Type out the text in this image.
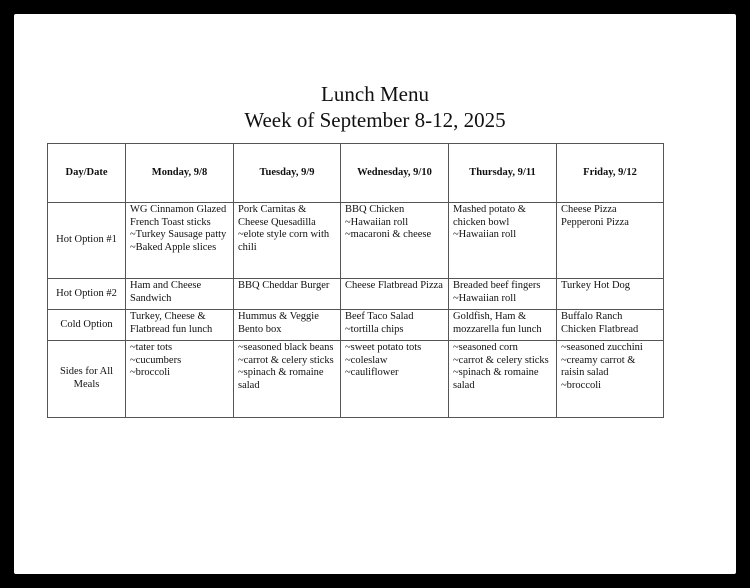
Lunch Menu
Week of September 8-12, 2025
Day/Date	Monday, 9/8	Tuesday, 9/9	Wednesday, 9/10	Thursday, 9/11	Friday, 9/12
Hot Option #1	WG Cinnamon Glazed French Toast sticks
~Turkey Sausage patty
~Baked Apple slices	Pork Carnitas & Cheese Quesadilla
~elote style corn with chili	BBQ Chicken
~Hawaiian roll
~macaroni & cheese	Mashed potato & chicken bowl
~Hawaiian roll	Cheese Pizza
Pepperoni Pizza

Hot Option #2	Ham and Cheese Sandwich	BBQ Cheddar Burger	Cheese Flatbread Pizza	Breaded beef fingers
~Hawaiian roll	Turkey Hot Dog

Cold Option	Turkey, Cheese & Flatbread fun lunch	Hummus & Veggie Bento box	Beef Taco Salad
~tortilla chips	Goldfish, Ham & mozzarella fun lunch	Buffalo Ranch Chicken Flatbread

Sides for All Meals	~tater tots
~cucumbers
~broccoli	~seasoned black beans
~carrot & celery sticks
~spinach & romaine salad	~sweet potato tots
~coleslaw
~cauliflower	~seasoned corn
~carrot & celery sticks
~spinach & romaine salad	~seasoned zucchini
~creamy carrot & raisin salad
~broccoli
